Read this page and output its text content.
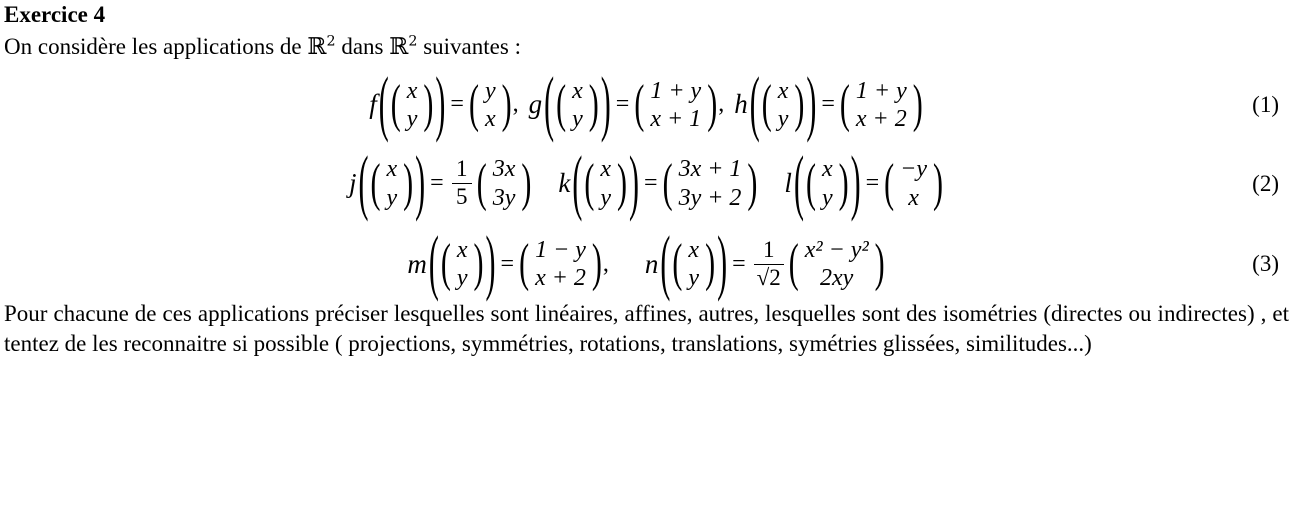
Exercice 4
On considère les applications de ℝ$^2$ dans ℝ$^2$ suivantes :
f ( ( x
y ) ) = ( y
x ) , g ( ( x
y ) ) = ( 1 + y
x + 1 ) , h ( ( x
y ) ) = ( 1 + y
x + 2 )	(1)
j ( ( x
y ) ) = $\frac{1}{5}$ ( 3x
3y ) k ( ( x
y ) ) = ( 3x + 1
3y + 2 ) l ( ( x
y ) ) = ( −y
x )	(2)
m ( ( x
y ) ) = ( 1 − y
x + 2 ) ,	n ( ( x
y ) ) = $\frac{1}{√2}$ ( x² − y²
2xy )	(3)

Pour chacune de ces applications préciser lesquelles sont linéaires, affines, autres, lesquelles sont des isométries (directes ou indirectes) , et tentez de les reconnaitre si possible ( projections, symmétries, rotations, translations, symétries glissées, similitudes...)
